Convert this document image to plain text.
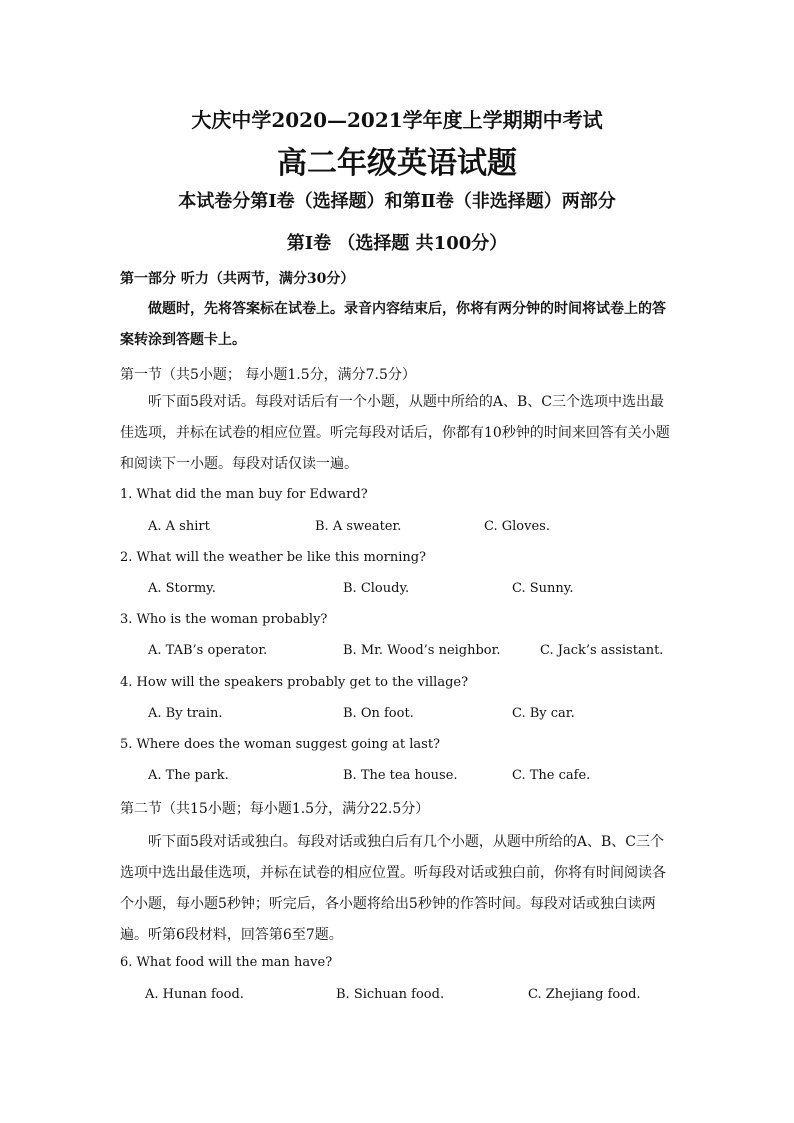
大庆中学2020—2021学年度上学期期中考试
高二年级英语试题
本试卷分第Ⅰ卷（选择题）和第Ⅱ卷（非选择题）两部分
第Ⅰ卷 （选择题 共100分）
第一部分 听力（共两节，满分30分）
做题时，先将答案标在试卷上。录音内容结束后，你将有两分钟的时间将试卷上的答案转涂到答题卡上。
第一节（共5小题； 每小题1.5分，满分7.5分）
听下面5段对话。每段对话后有一个小题，从题中所给的A、B、C三个选项中选出最佳选项，并标在试卷的相应位置。听完每段对话后，你都有10秒钟的时间来回答有关小题和阅读下一小题。每段对话仅读一遍。
1. What did the man buy for Edward?
A. A shirt	B. A sweater.	C. Gloves.
2. What will the weather be like this morning?
A. Stormy.	B. Cloudy.	C. Sunny.
3. Who is the woman probably?
A. TAB’s operator.	B. Mr. Wood’s neighbor.	C. Jack’s assistant.
4. How will the speakers probably get to the village?
A. By train.	B. On foot.	C. By car.
5. Where does the woman suggest going at last?
A. The park.	B. The tea house.	C. The cafe.
第二节（共15小题；每小题1.5分，满分22.5分）
听下面5段对话或独白。每段对话或独白后有几个小题，从题中所给的A、B、C三个选项中选出最佳选项，并标在试卷的相应位置。听每段对话或独白前，你将有时间阅读各个小题，每小题5秒钟；听完后，各小题将给出5秒钟的作答时间。每段对话或独白读两遍。 听第6段材料，回答第6至7题。
6. What food will the man have?
A. Hunan food.	B. Sichuan food.	C. Zhejiang food.
